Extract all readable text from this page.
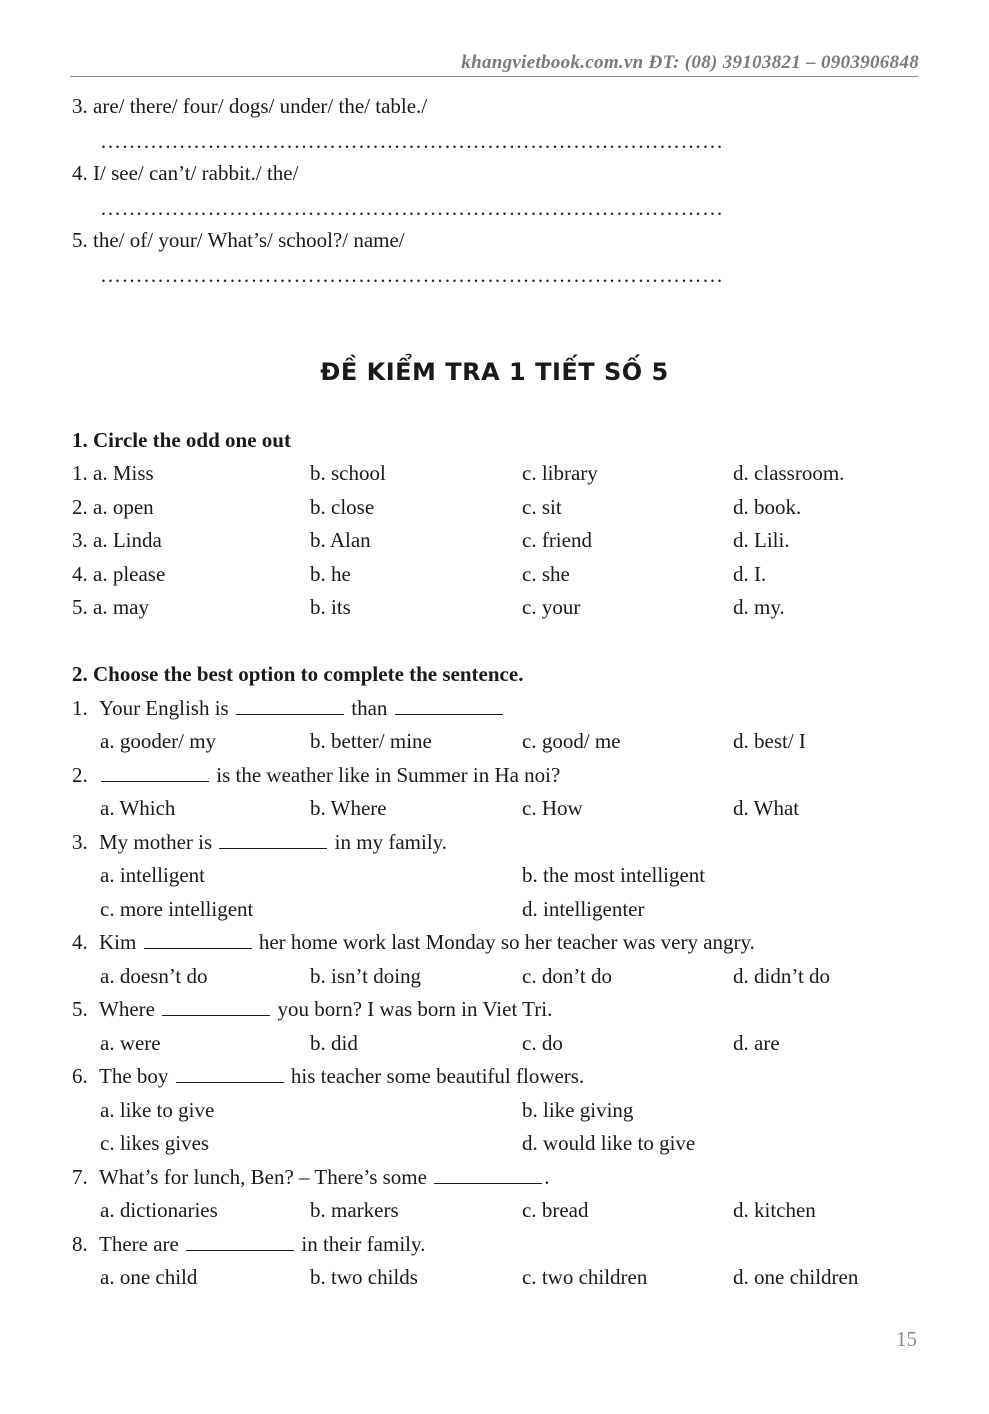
khangvietbook.com.vn ĐT: (08) 39103821 – 0903906848
3. are/ there/ four/ dogs/ under/ the/ table./
……………………………………………………………………………
4. I/ see/ can’t/ rabbit./ the/
……………………………………………………………………………
5. the/ of/ your/ What’s/ school?/ name/
……………………………………………………………………………
ĐỀ KIỂM TRA 1 TIẾT SỐ 5
1. Circle the odd one out
1. a. Miss	b. school	c. library	d. classroom.
2. a. open	b. close	c. sit	d. book.
3. a. Linda	b. Alan	c. friend	d. Lili.
4. a. please	b. he	c. she	d. I.
5. a. may	b. its	c. your	d. my.
2. Choose the best option to complete the sentence.
1. Your English is	than
a. gooder/ my	b. better/ mine	c. good/ me	d. best/ I
2.	is the weather like in Summer in Ha noi?
a. Which	b. Where	c. How	d. What
3. My mother is	in my family.
a. intelligent	b. the most intelligent
c. more intelligent	d. intelligenter
4. Kim	her home work last Monday so her teacher was very angry.
a. doesn’t do	b. isn’t doing	c. don’t do	d. didn’t do
5. Where	you born? I was born in Viet Tri.
a. were	b. did	c. do	d. are
6. The boy	his teacher some beautiful flowers.
a. like to give	b. like giving
c. likes gives	d. would like to give
7. What’s for lunch, Ben? – There’s some	.
a. dictionaries	b. markers	c. bread	d. kitchen
8. There are	in their family.
a. one child	b. two childs	c. two children	d. one children
15
